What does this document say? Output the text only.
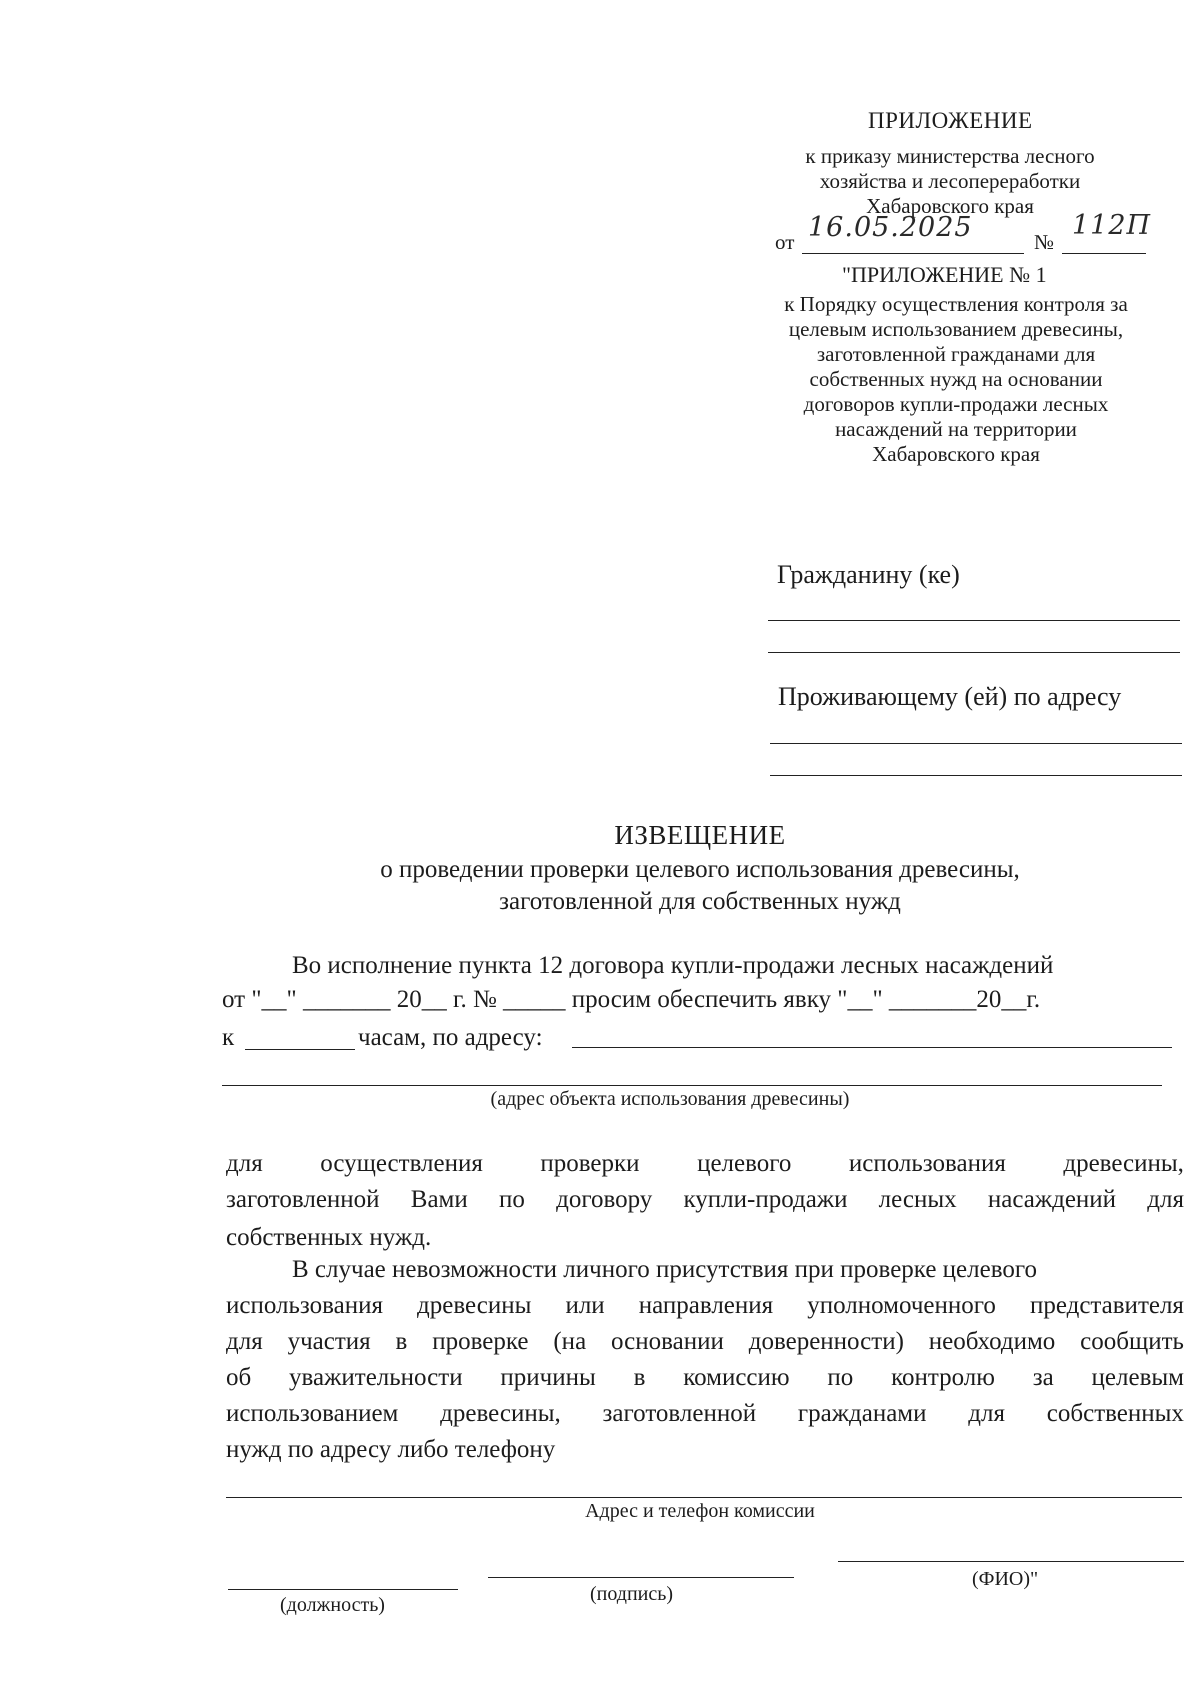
ПРИЛОЖЕНИЕ
к приказу министерства лесного
хозяйства и лесопереработки
Хабаровского края
от 16.05.2025	№
112П
"ПРИЛОЖЕНИЕ № 1
к Порядку осуществления контроля за
целевым использованием древесины,
заготовленной гражданами для
собственных нужд на основании
договоров купли-продажи лесных
насаждений на территории
Хабаровского края
Гражданину (ке)
Проживающему (ей) по адресу
ИЗВЕЩЕНИЕ
о проведении проверки целевого использования древесины,
заготовленной для собственных нужд
Во исполнение пункта 12 договора купли-продажи лесных насаждений
от "__" _______ 20__ г. № _____ просим обеспечить явку "__" _______20__г.
к	часам, по адресу:
(адрес объекта использования древесины)
для осуществления проверки целевого использования древесины,
заготовленной Вами по договору купли-продажи лесных насаждений для
собственных нужд.
В случае невозможности личного присутствия при проверке целевого
использования древесины или направления уполномоченного представителя
для участия в проверке (на основании доверенности) необходимо сообщить
об уважительности причины в комиссию по контролю за целевым
использованием древесины, заготовленной гражданами для собственных
нужд по адресу либо телефону
Адрес и телефон комиссии
(должность)	(подпись)
(ФИО)"
